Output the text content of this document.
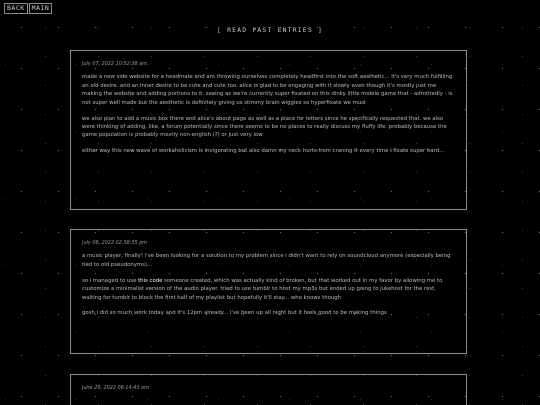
BACK MAIN
[ READ PAST ENTRIES ]
July 07, 2022 10:52:38 am

made a new side website for a headmate and am throwing ourselves completely headfirst into the soft aesthetic... it's very much fulfilling an old desire. and an inner desire to be cute and cute too. alice is glad to be engaging with it slowly even though it's mostly just me making the website and adding portions to it. seeing as we're currently super fixated on this dinky little mobile game that - admittedly - is not super well made but the aesthetic is definitely giving us stimmy brain wiggles so hyperfixate we must

we also plan to add a music box there and alice's about page as well as a place for letters since he specifically requested that. we also were thinking of adding, like, a forum potentially since there seems to be no places to really discuss my fluffy life. probably because the game population is probably mostly non-english (?) or just very low

either way this new wave of workaholicism is invigorating but also damn my neck hurts from craning it every time i fixate super hard...

July 06, 2022 02:58:55 pm

a music player, finally! i've been looking for a solution to my problem since i didn't want to rely on soundcloud anymore (especially being tied to old pseudonyms)...

so i managed to use this code someone created, which was actually kind of broken, but that worked out in my favor by allowing me to customize a minimalist version of the audio player. tried to use tumblr to host my mp3s but ended up going to jukehost for the rest, waiting for tumblr to block the first half of my playlist but hopefully it'll stay... who knows though

gosh i did so much work today and it's 12pm already... i've been up all night but it feels good to be making things

June 29, 2022 06:14:43 am
